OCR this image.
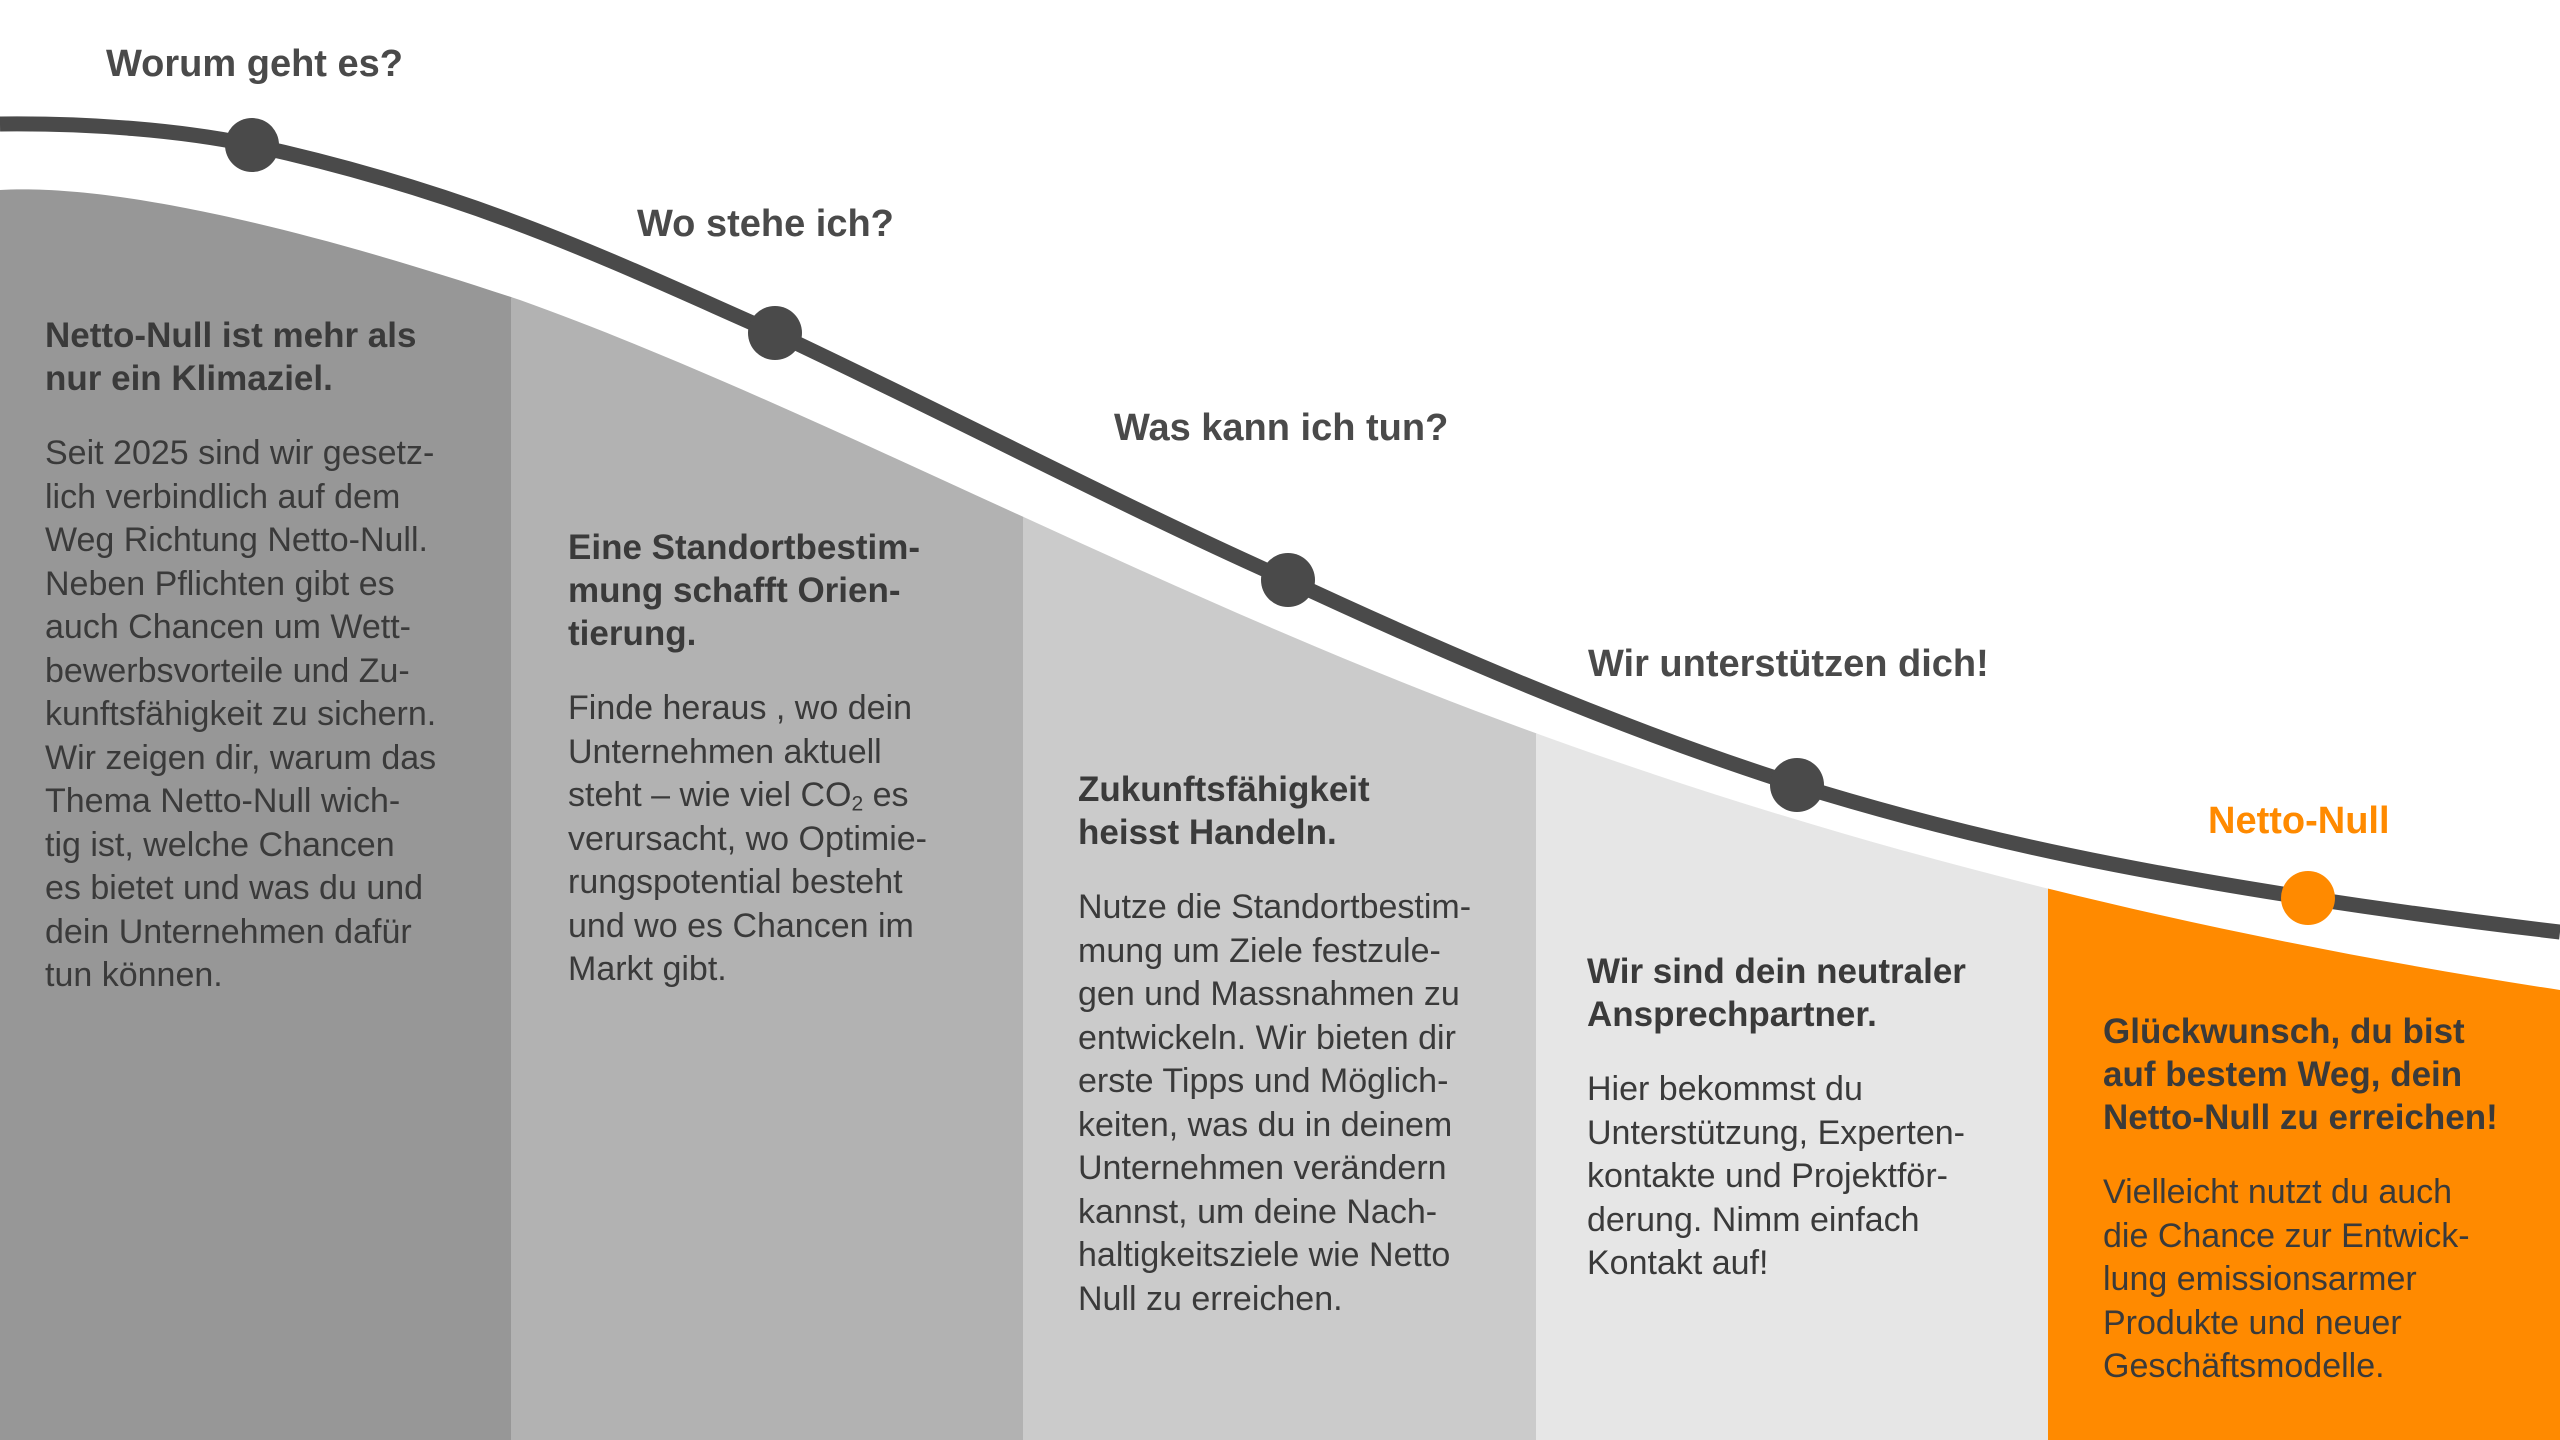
Worum geht es?
Wo stehe ich?
Was kann ich tun?
Wir unterstützen dich!
Netto-Null
Netto-Null ist mehr als
nur ein Klimaziel.

Seit 2025 sind wir gesetz-
lich verbindlich auf dem
Weg Richtung Netto-Null.
Neben Pflichten gibt es
auch Chancen um Wett-
bewerbsvorteile und Zu-
kunftsfähigkeit zu sichern.
Wir zeigen dir, warum das
Thema Netto-Null wich-
tig ist, welche Chancen
es bietet und was du und
dein Unternehmen dafür
tun können.

Eine Standortbestim-
mung schafft Orien-
tierung.

Finde heraus , wo dein
Unternehmen aktuell
steht – wie viel $CO_2$ es
verursacht, wo Optimie-
rungspotential besteht
und wo es Chancen im
Markt gibt.

Zukunftsfähigkeit
heisst Handeln.

Nutze die Standortbestim-
mung um Ziele festzule-
gen und Massnahmen zu
entwickeln. Wir bieten dir
erste Tipps und Möglich-
keiten, was du in deinem
Unternehmen verändern
kannst, um deine Nach-
haltigkeitsziele wie Netto
Null zu erreichen.

Wir sind dein neutraler
Ansprechpartner.

Hier bekommst du
Unterstützung, Experten-
kontakte und Projektför-
derung. Nimm einfach
Kontakt auf!

Glückwunsch, du bist
auf bestem Weg, dein
Netto-Null zu erreichen!

Vielleicht nutzt du auch
die Chance zur Entwick-
lung emissionsarmer
Produkte und neuer
Geschäftsmodelle.
